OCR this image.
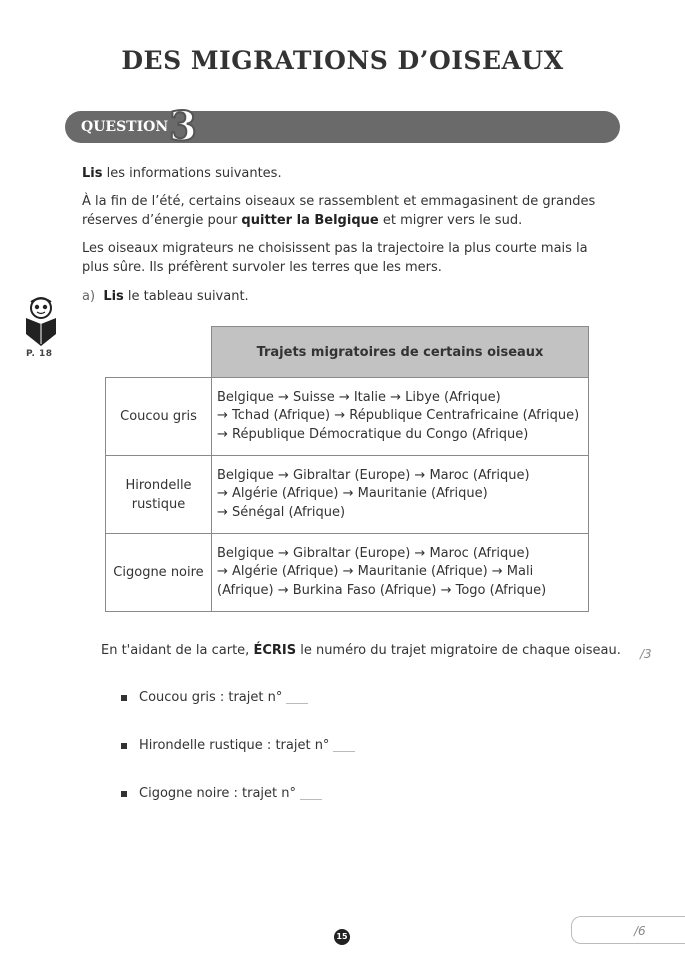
DES MIGRATIONS D’OISEAUX
QUESTION 3
Lis les informations suivantes.
À la fin de l’été, certains oiseaux se rassemblent et emmagasinent de grandes réserves d’énergie pour quitter la Belgique et migrer vers le sud.
Les oiseaux migrateurs ne choisissent pas la trajectoire la plus courte mais la plus sûre. Ils préfèrent survoler les terres que les mers.
a) Lis le tableau suivant.
P. 18
		Trajets migratoires de certains oiseaux
Coucou gris	Belgique → Suisse → Italie → Libye (Afrique)
→ Tchad (Afrique) → République Centrafricaine (Afrique)
→ République Démocratique du Congo (Afrique)

Hirondelle rustique	Belgique → Gibraltar (Europe) → Maroc (Afrique)
→ Algérie (Afrique) → Mauritanie (Afrique)
→ Sénégal (Afrique)

Cigogne noire	Belgique → Gibraltar (Europe) → Maroc (Afrique)
→ Algérie (Afrique) → Mauritanie (Afrique) → Mali
(Afrique) → Burkina Faso (Afrique) → Togo (Afrique)
En t'aidant de la carte, ÉCRIS le numéro du trajet migratoire de chaque oiseau. /3
Coucou gris : trajet n°
Hirondelle rustique : trajet n°
Cigogne noire : trajet n°
/6
15
